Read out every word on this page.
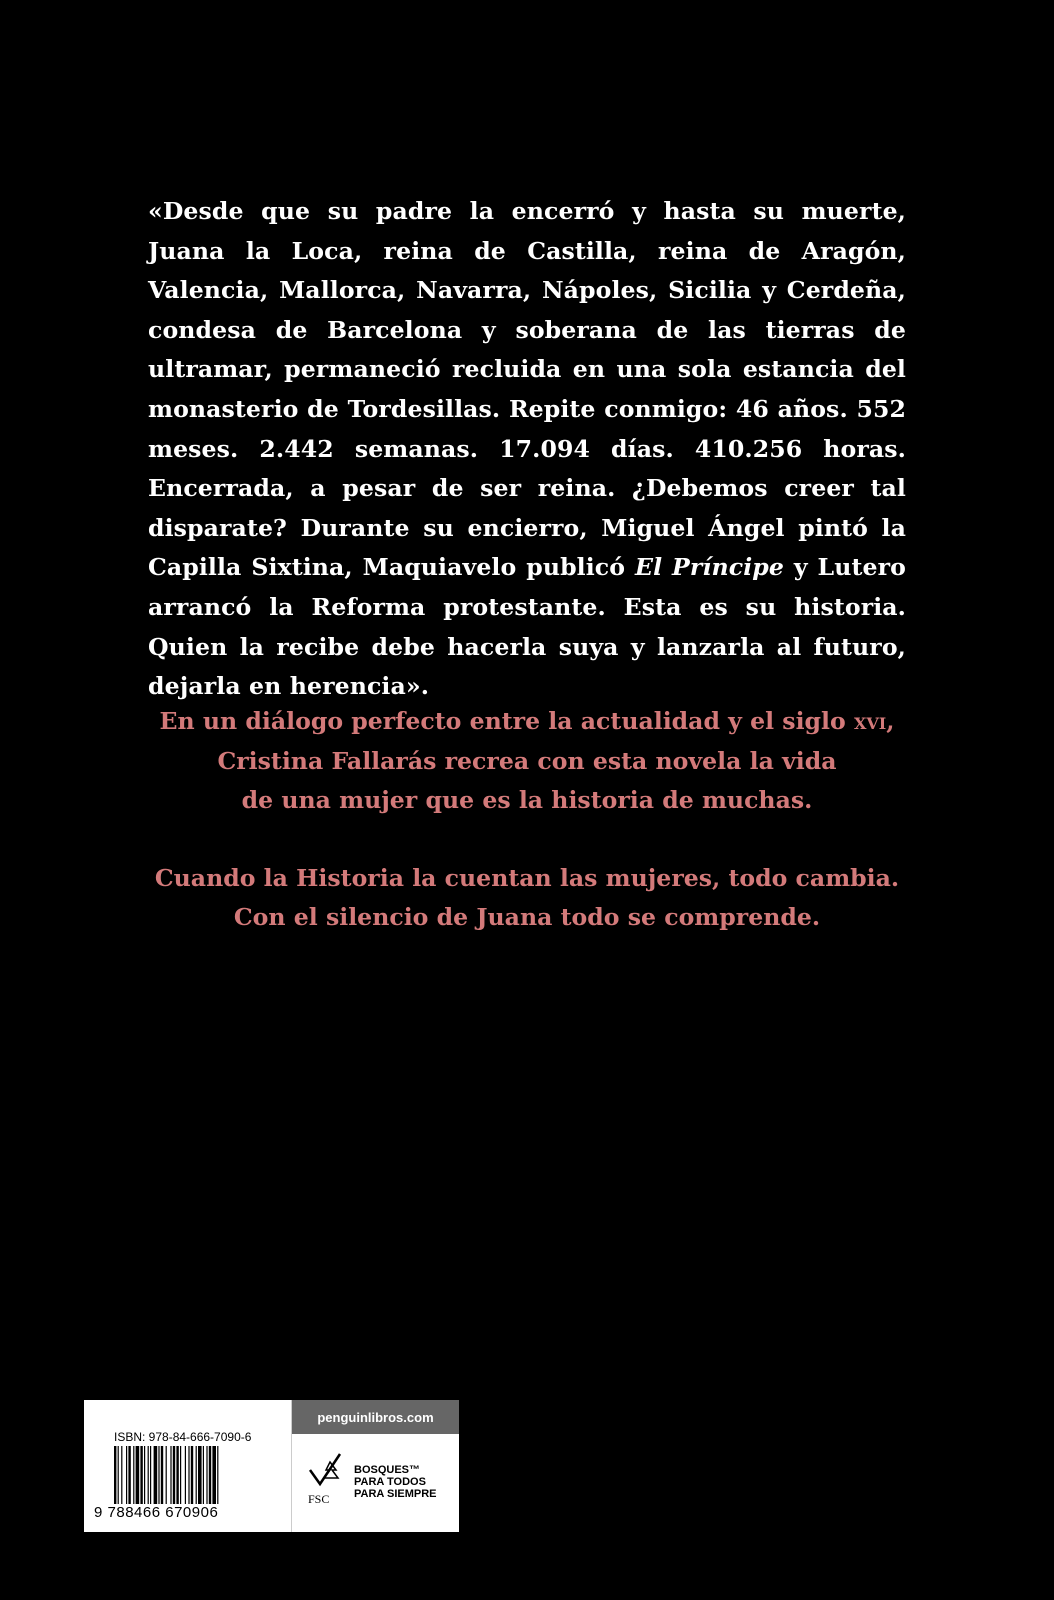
«Desde que su padre la encerró y hasta su muerte, Juana la Loca, reina de Castilla, reina de Aragón, Valencia, Mallorca, Navarra, Nápoles, Sicilia y Cerdeña, condesa de Barcelona y soberana de las tierras de ultramar, permaneció recluida en una sola estancia del monasterio de Tordesillas. Repite conmigo: 46 años. 552 meses. 2.442 semanas. 17.094 días. 410.256 horas. Encerrada, a pesar de ser reina. ¿Debemos creer tal disparate? Durante su encierro, Miguel Ángel pintó la Capilla Sixtina, Maquiavelo publicó El Príncipe y Lutero arrancó la Reforma protestante. Esta es su historia. Quien la recibe debe hacerla suya y lanzarla al futuro, dejarla en herencia».
En un diálogo perfecto entre la actualidad y el siglo xvi,
Cristina Fallarás recrea con esta novela la vida
de una mujer que es la historia de muchas.
Cuando la Historia la cuentan las mujeres, todo cambia.
Con el silencio de Juana todo se comprende.
ISBN: 978-84-666-7090-6
9 788466 670906
penguinlibros.com
FSC
BOSQUES™
PARA TODOS
PARA SIEMPRE
